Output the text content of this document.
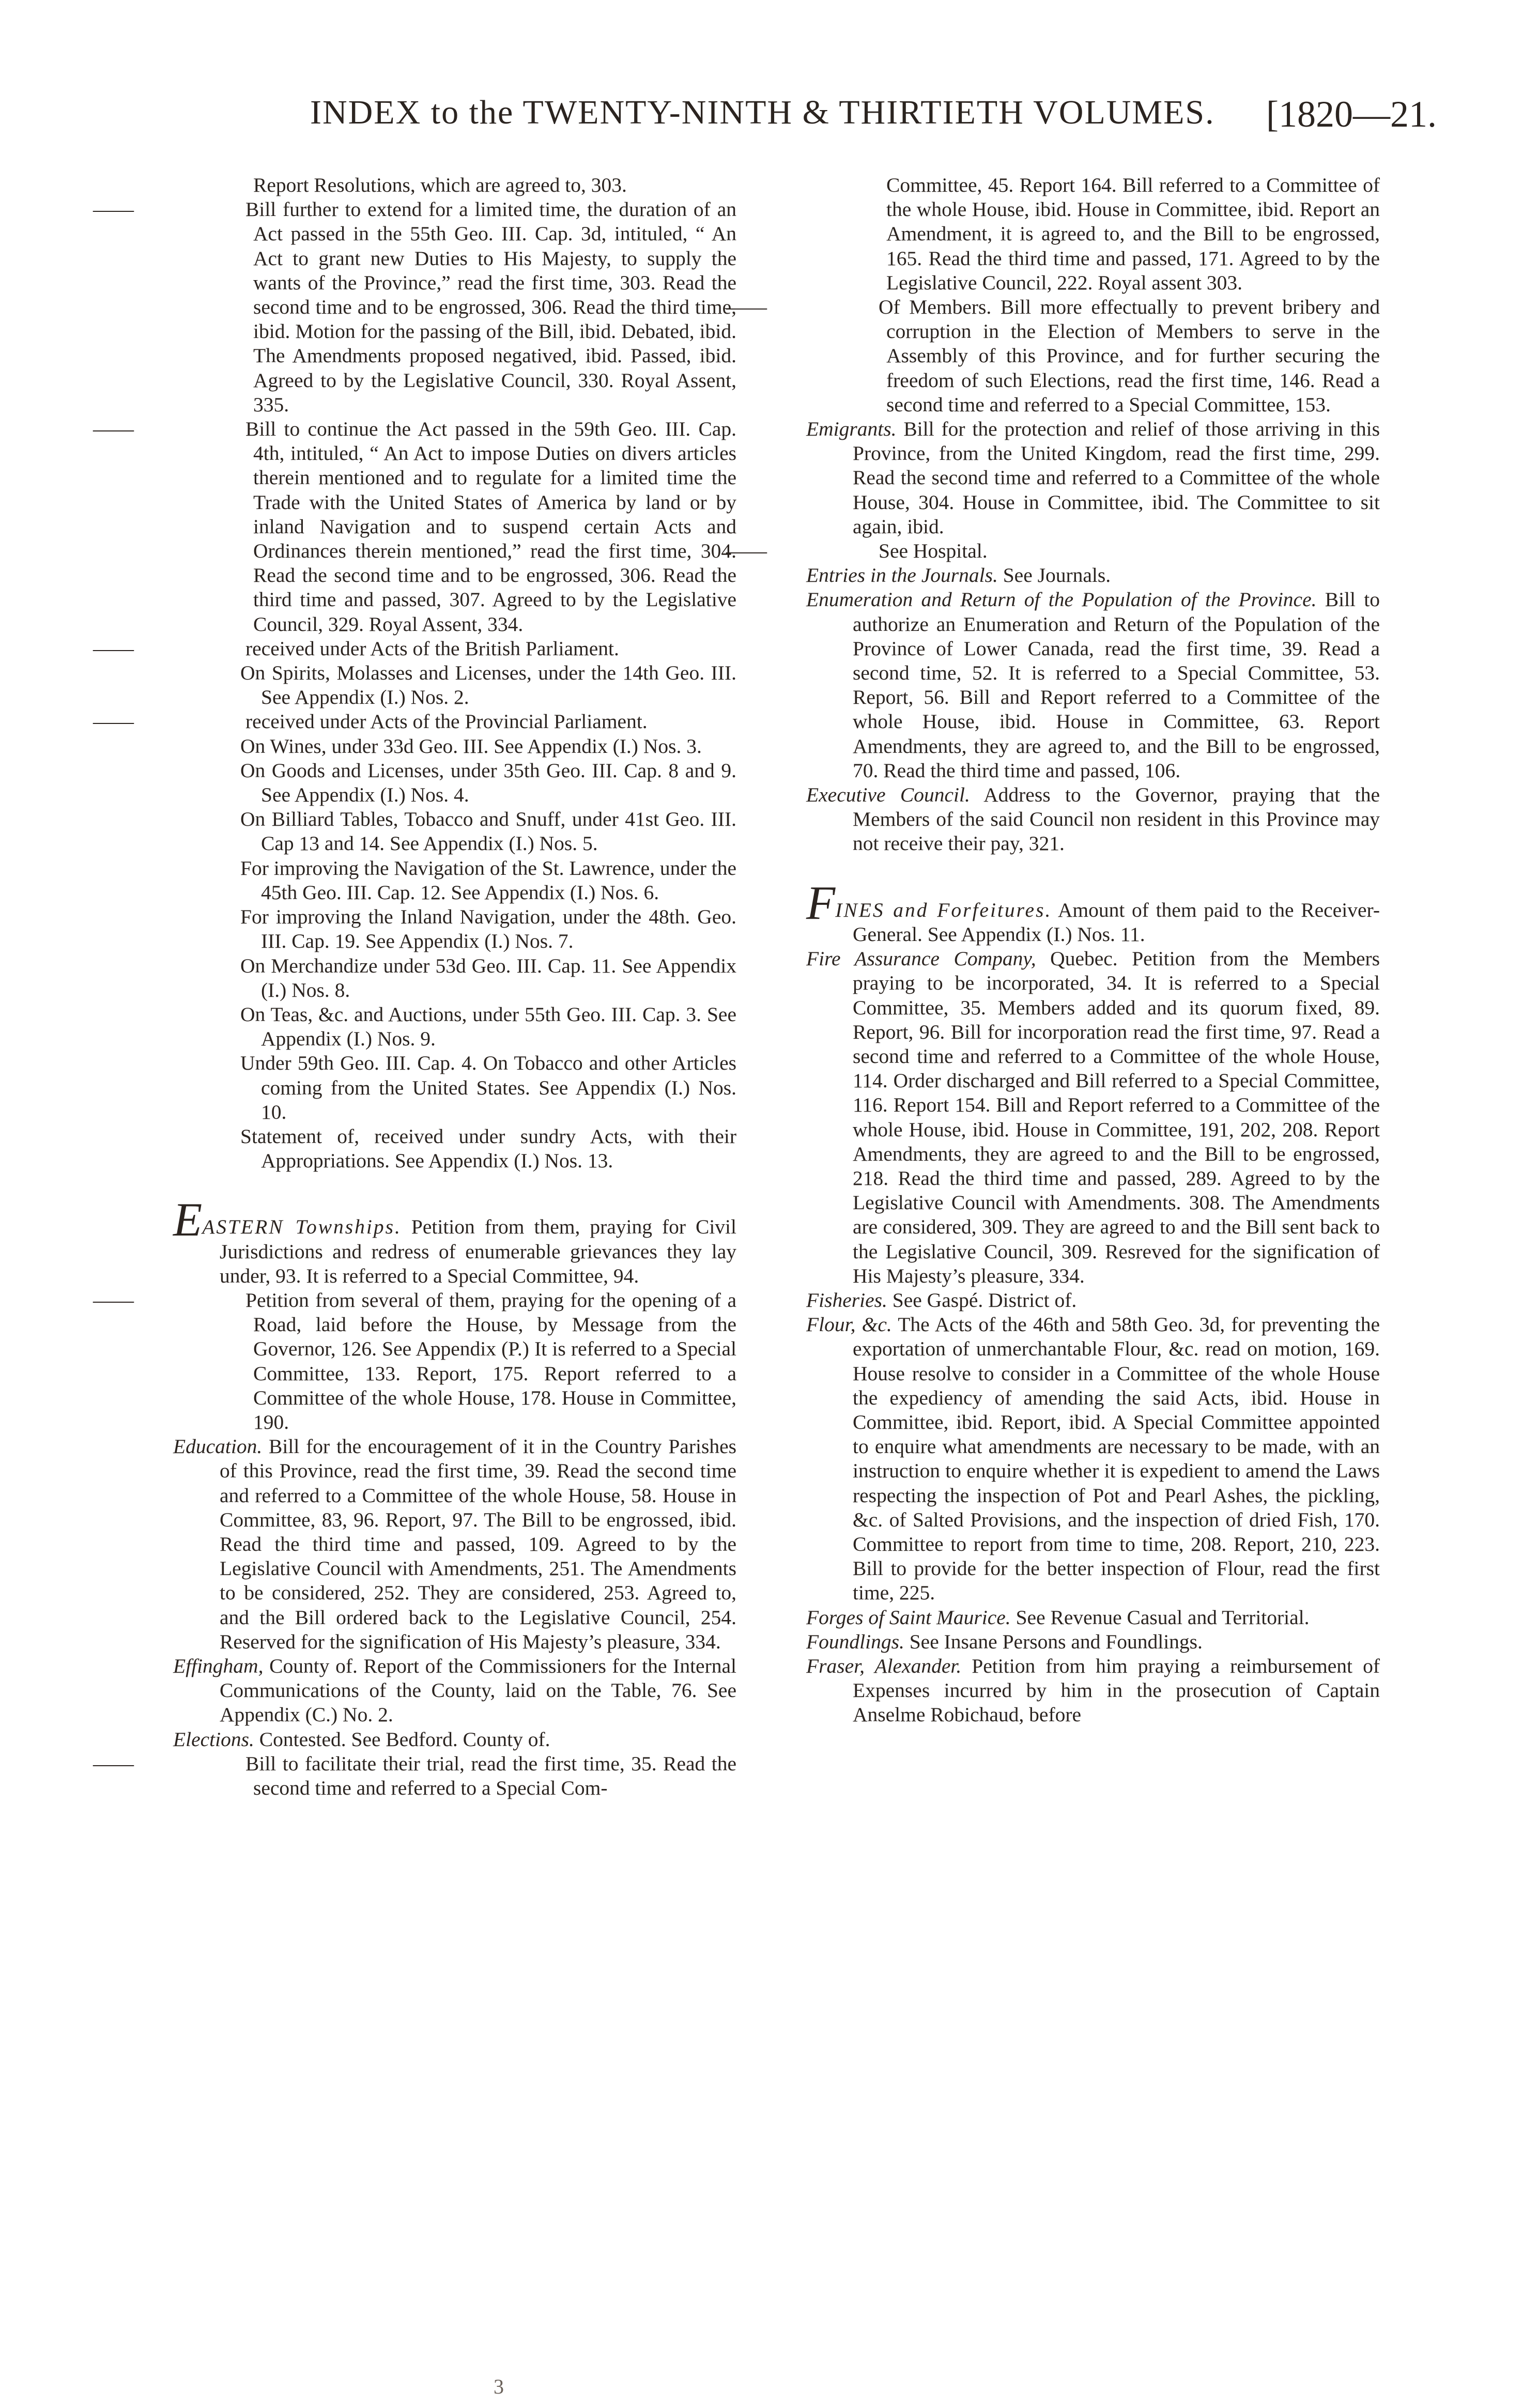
INDEX to the TWENTY-NINTH & THIRTIETH VOLUMES. [1820—21.

Report Resolutions, which are agreed to, 303.

——	Bill further to extend for a limited time, the duration of an Act passed in the 55th Geo. III. Cap. 3d, intituled, “ An Act to grant new Duties to His Majesty, to supply the wants of the Province,” read the first time, 303. Read the second time and to be engrossed, 306. Read the third time, ibid. Motion for the passing of the Bill, ibid. Debated, ibid. The Amendments proposed negatived, ibid. Passed, ibid. Agreed to by the Legislative Council, 330. Royal Assent, 335.

——	Bill to continue the Act passed in the 59th Geo. III. Cap. 4th, intituled, “ An Act to impose Duties on divers articles therein mentioned and to regulate for a limited time the Trade with the United States of America by land or by inland Navigation and to suspend certain Acts and Ordinances therein mentioned,” read the first time, 304. Read the second time and to be engrossed, 306. Read the third time and passed, 307. Agreed to by the Legislative Council, 329. Royal Assent, 334.

——	received under Acts of the British Parliament.

On Spirits, Molasses and Licenses, under the 14th Geo. III. See Appendix (I.) Nos. 2.

——	received under Acts of the Provincial Parliament.

On Wines, under 33d Geo. III. See Appendix (I.) Nos. 3.

On Goods and Licenses, under 35th Geo. III. Cap. 8 and 9. See Appendix (I.) Nos. 4.

On Billiard Tables, Tobacco and Snuff, under 41st Geo. III. Cap 13 and 14. See Appendix (I.) Nos. 5.

For improving the Navigation of the St. Lawrence, under the 45th Geo. III. Cap. 12. See Appendix (I.) Nos. 6.

For improving the Inland Navigation, under the 48th. Geo. III. Cap. 19. See Appendix (I.) Nos. 7.

On Merchandize under 53d Geo. III. Cap. 11. See Appendix (I.) Nos. 8.

On Teas, &c. and Auctions, under 55th Geo. III. Cap. 3. See Appendix (I.) Nos. 9.

Under 59th Geo. III. Cap. 4. On Tobacco and other Articles coming from the United States. See Appendix (I.) Nos. 10.

Statement of, received under sundry Acts, with their Appropriations. See Appendix (I.) Nos. 13.

EASTERN Townships. Petition from them, praying for Civil Jurisdictions and redress of enumerable grievances they lay under, 93. It is referred to a Special Committee, 94.

——	Petition from several of them, praying for the opening of a Road, laid before the House, by Message from the Governor, 126. See Appendix (P.) It is referred to a Special Committee, 133. Report, 175. Report referred to a Committee of the whole House, 178. House in Committee, 190.

Education. Bill for the encouragement of it in the Country Parishes of this Province, read the first time, 39. Read the second time and referred to a Committee of the whole House, 58. House in Committee, 83, 96. Report, 97. The Bill to be engrossed, ibid. Read the third time and passed, 109. Agreed to by the Legislative Council with Amendments, 251. The Amendments to be considered, 252. They are considered, 253. Agreed to, and the Bill ordered back to the Legislative Council, 254. Reserved for the signification of His Majesty’s pleasure, 334.

Effingham, County of. Report of the Commissioners for the Internal Communications of the County, laid on the Table, 76. See Appendix (C.) No. 2.

Elections. Contested. See Bedford. County of.

——	Bill to facilitate their trial, read the first time, 35. Read the second time and referred to a Special Com-

Committee, 45. Report 164. Bill referred to a Committee of the whole House, ibid. House in Committee, ibid. Report an Amendment, it is agreed to, and the Bill to be engrossed, 165. Read the third time and passed, 171. Agreed to by the Legislative Council, 222. Royal assent 303.

——	Of Members. Bill more effectually to prevent bribery and corruption in the Election of Members to serve in the Assembly of this Province, and for further securing the freedom of such Elections, read the first time, 146. Read a second time and referred to a Special Committee, 153.

Emigrants. Bill for the protection and relief of those arriving in this Province, from the United Kingdom, read the first time, 299. Read the second time and referred to a Committee of the whole House, 304. House in Committee, ibid. The Committee to sit again, ibid.

——	See Hospital.

Entries in the Journals. See Journals.

Enumeration and Return of the Population of the Province. Bill to authorize an Enumeration and Return of the Population of the Province of Lower Canada, read the first time, 39. Read a second time, 52. It is referred to a Special Committee, 53. Report, 56. Bill and Report referred to a Committee of the whole House, ibid. House in Committee, 63. Report Amendments, they are agreed to, and the Bill to be engrossed, 70. Read the third time and passed, 106.

Executive Council. Address to the Governor, praying that the Members of the said Council non resident in this Province may not receive their pay, 321.

FINES and Forfeitures. Amount of them paid to the Receiver-General. See Appendix (I.) Nos. 11.

Fire Assurance Company, Quebec. Petition from the Members praying to be incorporated, 34. It is referred to a Special Committee, 35. Members added and its quorum fixed, 89. Report, 96. Bill for incorporation read the first time, 97. Read a second time and referred to a Committee of the whole House, 114. Order discharged and Bill referred to a Special Committee, 116. Report 154. Bill and Report referred to a Committee of the whole House, ibid. House in Committee, 191, 202, 208. Report Amendments, they are agreed to and the Bill to be engrossed, 218. Read the third time and passed, 289. Agreed to by the Legislative Council with Amendments. 308. The Amendments are considered, 309. They are agreed to and the Bill sent back to the Legislative Council, 309. Resreved for the signification of His Majesty’s pleasure, 334.

Fisheries. See Gaspé. District of.

Flour, &c. The Acts of the 46th and 58th Geo. 3d, for preventing the exportation of unmerchantable Flour, &c. read on motion, 169. House resolve to consider in a Committee of the whole House the expediency of amending the said Acts, ibid. House in Committee, ibid. Report, ibid. A Special Committee appointed to enquire what amendments are necessary to be made, with an instruction to enquire whether it is expedient to amend the Laws respecting the inspection of Pot and Pearl Ashes, the pickling, &c. of Salted Provisions, and the inspection of dried Fish, 170. Committee to report from time to time, 208. Report, 210, 223. Bill to provide for the better inspection of Flour, read the first time, 225.

Forges of Saint Maurice. See Revenue Casual and Territorial.

Foundlings. See Insane Persons and Foundlings.

Fraser, Alexander. Petition from him praying a reimbursement of Expenses incurred by him in the prosecution of Captain Anselme Robichaud, before

3
